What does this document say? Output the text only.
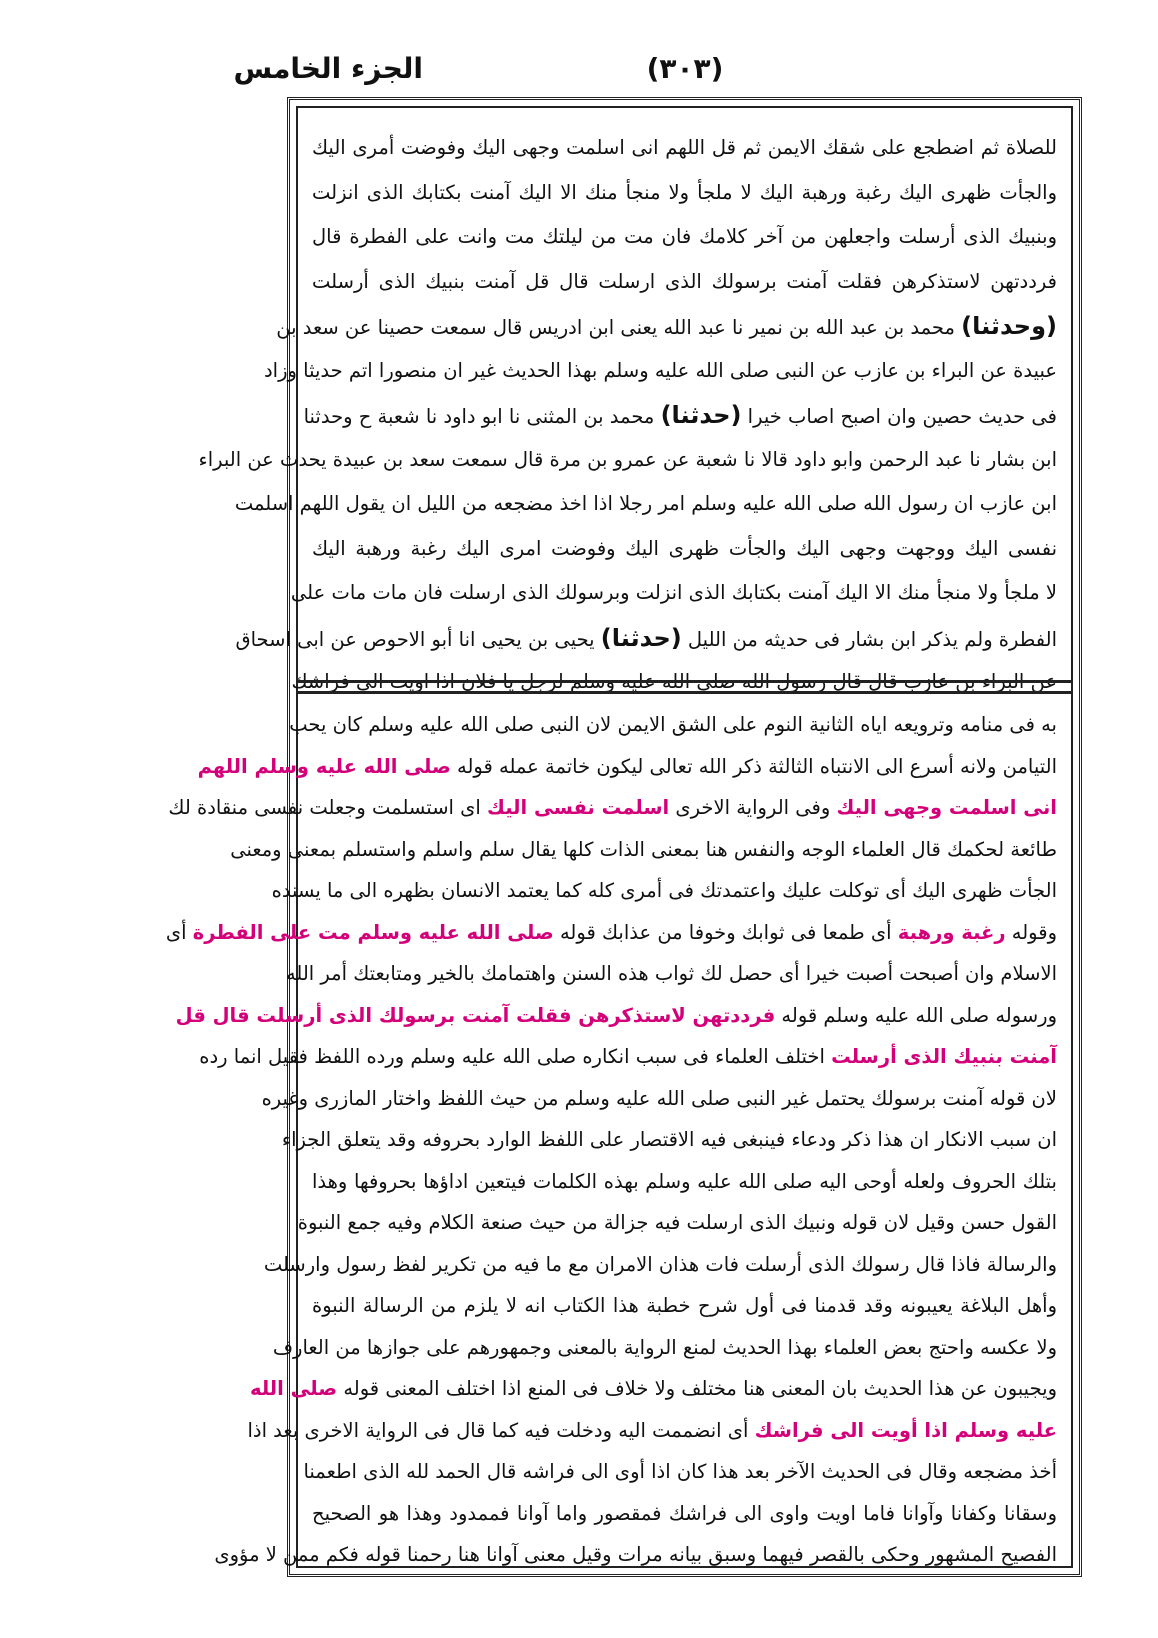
الجزء الخامس	(٣٠٣)

للصلاة ثم اضطجع على شقك الايمن ثم قل اللهم انى اسلمت وجهى اليك وفوضت أمرى اليك

والجأت ظهرى اليك رغبة ورهبة اليك لا ملجأ ولا منجأ منك الا اليك آمنت بكتابك الذى انزلت

وبنبيك الذى أرسلت واجعلهن من آخر كلامك فان مت من ليلتك مت وانت على الفطرة قال

فرددتهن لاستذكرهن فقلت آمنت برسولك الذى ارسلت قال قل آمنت بنبيك الذى أرسلت

(وحدثنا) محمد بن عبد الله بن نمير نا عبد الله يعنى ابن ادريس قال سمعت حصينا عن سعد بن

عبيدة عن البراء بن عازب عن النبى صلى الله عليه وسلم بهذا الحديث غير ان منصورا اتم حديثا وزاد

فى حديث حصين وان اصبح اصاب خيرا (حدثنا) محمد بن المثنى نا ابو داود نا شعبة ح وحدثنا

ابن بشار نا عبد الرحمن وابو داود قالا نا شعبة عن عمرو بن مرة قال سمعت سعد بن عبيدة يحدث عن البراء

ابن عازب ان رسول الله صلى الله عليه وسلم امر رجلا اذا اخذ مضجعه من الليل ان يقول اللهم اسلمت

نفسى اليك ووجهت وجهى اليك والجأت ظهرى اليك وفوضت امرى اليك رغبة ورهبة اليك

لا ملجأ ولا منجأ منك الا اليك آمنت بكتابك الذى انزلت وبرسولك الذى ارسلت فان مات مات على

الفطرة ولم يذكر ابن بشار فى حديثه من الليل (حدثنا) يحيى بن يحيى انا أبو الاحوص عن ابى اسحاق

عن البراء بن عازب قال قال رسول الله صلى الله عليه وسلم لرجل يا فلان اذا اويت الى فراشك

به فى منامه وترويعه اياه الثانية النوم على الشق الايمن لان النبى صلى الله عليه وسلم كان يحب

التيامن ولانه أسرع الى الانتباه الثالثة ذكر الله تعالى ليكون خاتمة عمله قوله صلى الله عليه وسلم اللهم

انى اسلمت وجهى اليك وفى الرواية الاخرى اسلمت نفسى اليك اى استسلمت وجعلت نفسى منقادة لك

طائعة لحكمك قال العلماء الوجه والنفس هنا بمعنى الذات كلها يقال سلم واسلم واستسلم بمعنى ومعنى

الجأت ظهرى اليك أى توكلت عليك واعتمدتك فى أمرى كله كما يعتمد الانسان بظهره الى ما يسنده

وقوله رغبة ورهبة أى طمعا فى ثوابك وخوفا من عذابك قوله صلى الله عليه وسلم مت على الفطرة أى

الاسلام وان أصبحت أصبت خيرا أى حصل لك ثواب هذه السنن واهتمامك بالخير ومتابعتك أمر الله

ورسوله صلى الله عليه وسلم قوله فرددتهن لاستذكرهن فقلت آمنت برسولك الذى أرسلت قال قل

آمنت بنبيك الذى أرسلت اختلف العلماء فى سبب انكاره صلى الله عليه وسلم ورده اللفظ فقيل انما رده

لان قوله آمنت برسولك يحتمل غير النبى صلى الله عليه وسلم من حيث اللفظ واختار المازرى وغيره

ان سبب الانكار ان هذا ذكر ودعاء فينبغى فيه الاقتصار على اللفظ الوارد بحروفه وقد يتعلق الجزاء

بتلك الحروف ولعله أوحى اليه صلى الله عليه وسلم بهذه الكلمات فيتعين اداؤها بحروفها وهذا

القول حسن وقيل لان قوله ونبيك الذى ارسلت فيه جزالة من حيث صنعة الكلام وفيه جمع النبوة

والرسالة فاذا قال رسولك الذى أرسلت فات هذان الامران مع ما فيه من تكرير لفظ رسول وارسلت

وأهل البلاغة يعيبونه وقد قدمنا فى أول شرح خطبة هذا الكتاب انه لا يلزم من الرسالة النبوة

ولا عكسه واحتج بعض العلماء بهذا الحديث لمنع الرواية بالمعنى وجمهورهم على جوازها من العارف

ويجيبون عن هذا الحديث بان المعنى هنا مختلف ولا خلاف فى المنع اذا اختلف المعنى قوله صلى الله

عليه وسلم اذا أويت الى فراشك أى انضممت اليه ودخلت فيه كما قال فى الرواية الاخرى بعد اذا

أخذ مضجعه وقال فى الحديث الآخر بعد هذا كان اذا أوى الى فراشه قال الحمد لله الذى اطعمنا

وسقانا وكفانا وآوانا فاما اويت واوى الى فراشك فمقصور واما آوانا فممدود وهذا هو الصحيح

الفصيح المشهور وحكى بالقصر فيهما وسبق بيانه مرات وقيل معنى آوانا هنا رحمنا قوله فكم ممن لا مؤوى
